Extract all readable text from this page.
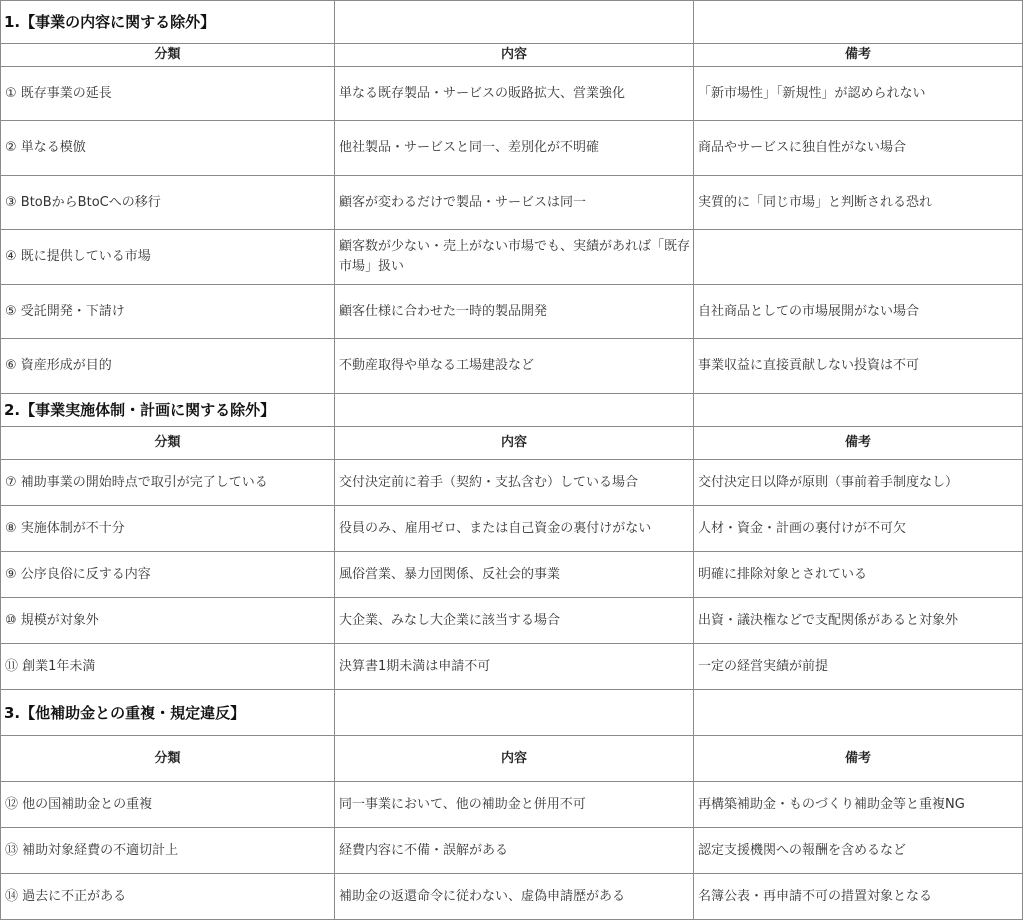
1.【事業の内容に関する除外】		
分類	内容	備考
① 既存事業の延長	単なる既存製品・サービスの販路拡大、営業強化	「新市場性」「新規性」が認められない
② 単なる模倣	他社製品・サービスと同一、差別化が不明確	商品やサービスに独自性がない場合
③ BtoBからBtoCへの移行	顧客が変わるだけで製品・サービスは同一	実質的に「同じ市場」と判断される恐れ
④ 既に提供している市場	顧客数が少ない・売上がない市場でも、実績があれば「既存市場」扱い	
⑤ 受託開発・下請け	顧客仕様に合わせた一時的製品開発	自社商品としての市場展開がない場合
⑥ 資産形成が目的	不動産取得や単なる工場建設など	事業収益に直接貢献しない投資は不可
2.【事業実施体制・計画に関する除外】		
分類	内容	備考
⑦ 補助事業の開始時点で取引が完了している	交付決定前に着手（契約・支払含む）している場合	交付決定日以降が原則（事前着手制度なし）
⑧ 実施体制が不十分	役員のみ、雇用ゼロ、または自己資金の裏付けがない	人材・資金・計画の裏付けが不可欠
⑨ 公序良俗に反する内容	風俗営業、暴力団関係、反社会的事業	明確に排除対象とされている
⑩ 規模が対象外	大企業、みなし大企業に該当する場合	出資・議決権などで支配関係があると対象外
⑪ 創業1年未満	決算書1期未満は申請不可	一定の経営実績が前提
3.【他補助金との重複・規定違反】		
分類	内容	備考
⑫ 他の国補助金との重複	同一事業において、他の補助金と併用不可	再構築補助金・ものづくり補助金等と重複NG
⑬ 補助対象経費の不適切計上	経費内容に不備・誤解がある	認定支援機関への報酬を含めるなど
⑭ 過去に不正がある	補助金の返還命令に従わない、虚偽申請歴がある	名簿公表・再申請不可の措置対象となる
